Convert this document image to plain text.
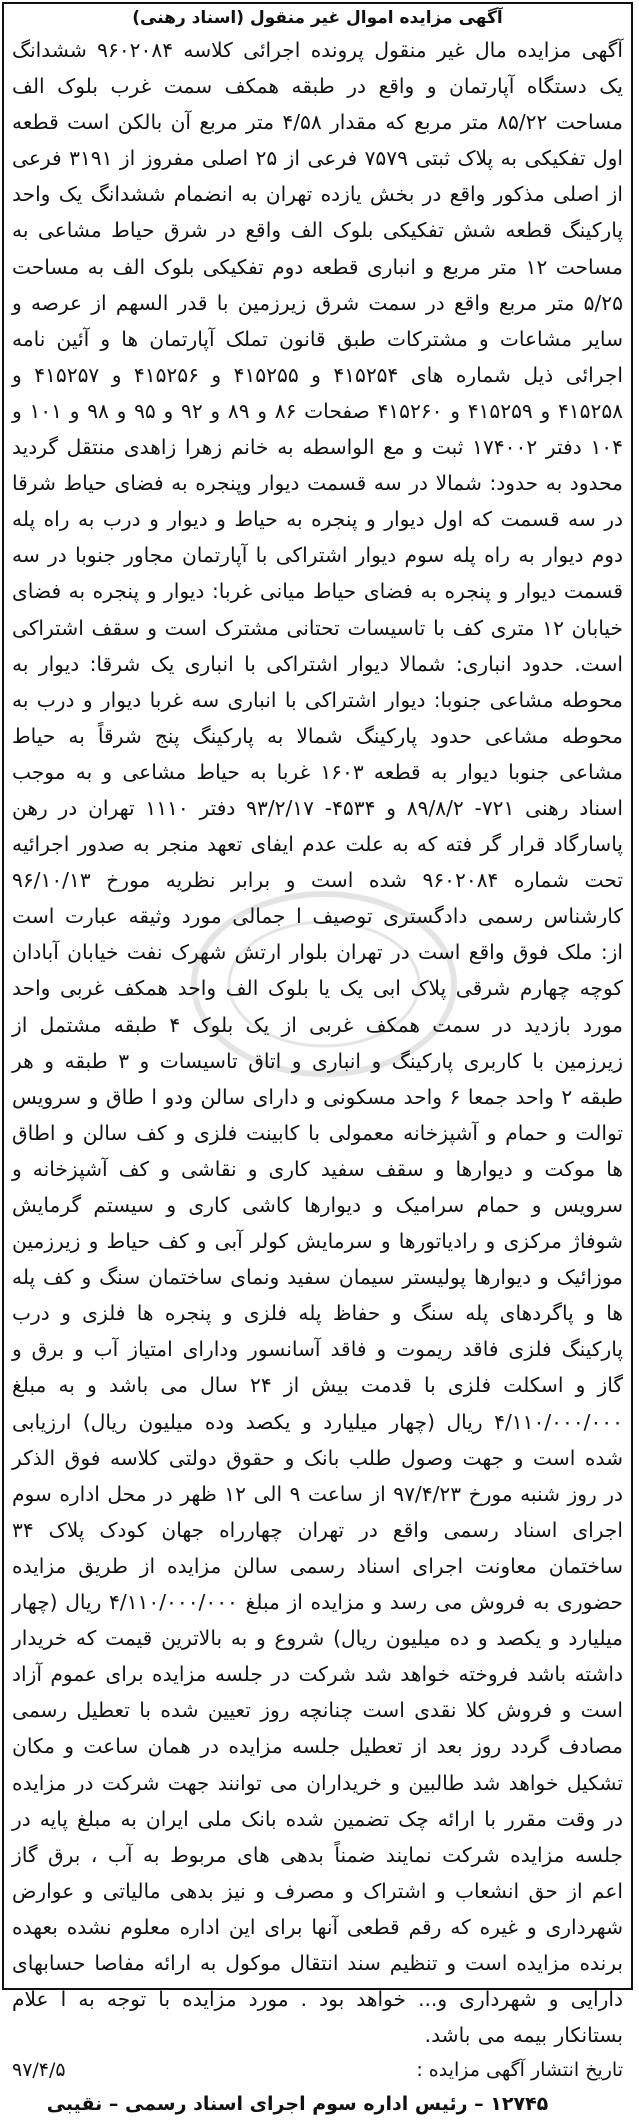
آگهی مزایده اموال غیر منقول (اسناد رهنی)

آگهی مزایده مال غیر منقول پرونده اجرائی کلاسه ۹۶۰۲۰۸۴ ششدانگ یک دستگاه آپارتمان و واقع در طبقه همکف سمت غرب بلوک الف مساحت ۸۵/۲۲ متر مربع که مقدار ۴/۵۸ متر مربع آن بالکن است قطعه اول تفکیکی به پلاک ثبتی ۷۵۷۹ فرعی از ۲۵ اصلی مفروز از ۳۱۹۱ فرعی از اصلی مذکور واقع در بخش یازده تهران به انضمام ششدانگ یک واحد پارکینگ قطعه شش تفکیکی بلوک الف واقع در شرق حیاط مشاعی به مساحت ۱۲ متر مربع و انباری قطعه دوم تفکیکی بلوک الف به مساحت ۵/۲۵ متر مربع واقع در سمت شرق زیرزمین با قدر السهم از عرصه و سایر مشاعات و مشترکات طبق قانون تملک آپارتمان ها و آئین نامه اجرائی ذیل شماره های ۴۱۵۲۵۴ و ۴۱۵۲۵۵ و ۴۱۵۲۵۶ و ۴۱۵۲۵۷ و ۴۱۵۲۵۸ و ۴۱۵۲۵۹ و ۴۱۵۲۶۰ صفحات ۸۶ و ۸۹ و ۹۲ و ۹۵ و ۹۸ و ۱۰۱ و ۱۰۴ دفتر ۱۷۴۰۰۲ ثبت و مع الواسطه به خانم زهرا زاهدی منتقل گردید محدود به حدود: شمالا در سه قسمت دیوار وپنجره به فضای حیاط شرقا در سه قسمت که اول دیوار و پنجره به حیاط و دیوار و درب به راه پله دوم دیوار به راه پله سوم دیوار اشتراکی با آپارتمان مجاور جنوبا در سه قسمت دیوار و پنجره به فضای حیاط میانی غربا: دیوار و پنجره به فضای خیابان ۱۲ متری کف با تاسیسات تحتانی مشترک است و سقف اشتراکی است. حدود انباری: شمالا دیوار اشتراکی با انباری یک شرقا: دیوار به محوطه مشاعی جنوبا: دیوار اشتراکی با انباری سه غربا دیوار و درب به محوطه مشاعی حدود پارکینگ شمالا به پارکینگ پنج شرقاً به حیاط مشاعی جنوبا دیوار به قطعه ۱۶۰۳ غربا به حیاط مشاعی و به موجب اسناد رهنی ۷۲۱- ۸۹/۸/۲ و ۴۵۳۴- ۹۳/۲/۱۷ دفتر ۱۱۱۰ تهران در رهن پاسارگاد قرار گر فته که به علت عدم ایفای تعهد منجر به صدور اجرائیه تحت شماره ۹۶۰۲۰۸۴ شده است و برابر نظریه مورخ ۹۶/۱۰/۱۳ کارشناس رسمی دادگستری توصیف ا جمالی مورد وثیقه عبارت است از: ملک فوق واقع است در تهران بلوار ارتش شهرک نفت خیابان آبادان کوچه چهارم شرقی پلاک ابی یک یا بلوک الف واحد همکف غربی واحد مورد بازدید در سمت همکف غربی از یک بلوک ۴ طبقه مشتمل از زیرزمین با کاربری پارکینگ و انباری و اتاق تاسیسات و ۳ طبقه و هر طبقه ۲ واحد جمعا ۶ واحد مسکونی و دارای سالن ودو ا طاق و سرویس توالت و حمام و آشپزخانه معمولی با کابینت فلزی و کف سالن و اطاق ها موکت و دیوارها و سقف سفید کاری و نقاشی و کف آشپزخانه و سرویس و حمام سرامیک و دیوارها کاشی کاری و سیستم گرمایش شوفاژ مرکزی و رادیاتورها و سرمایش کولر آبی و کف حیاط و زیرزمین موزائیک و دیوارها پولیستر سیمان سفید ونمای ساختمان سنگ و کف پله ها و پاگردهای پله سنگ و حفاظ پله فلزی و پنجره ها فلزی و درب پارکینگ فلزی فاقد ریموت و فاقد آسانسور ودارای امتیاز آب و برق و گاز و اسکلت فلزی با قدمت بیش از ۲۴ سال می باشد و به مبلغ ۴/۱۱۰/۰۰۰/۰۰۰ ریال (چهار میلیارد و یکصد وده میلیون ریال) ارزیابی شده است و جهت وصول طلب بانک و حقوق دولتی کلاسه فوق الذکر در روز شنبه مورخ ۹۷/۴/۲۳ از ساعت ۹ الی ۱۲ ظهر در محل اداره سوم اجرای اسناد رسمی واقع در تهران چهارراه جهان کودک پلاک ۳۴ ساختمان معاونت اجرای اسناد رسمی سالن مزایده از طریق مزایده حضوری به فروش می رسد و مزایده از مبلغ ۴/۱۱۰/۰۰۰/۰۰۰ ریال (چهار میلیارد و یکصد و ده میلیون ریال) شروع و به بالاترین قیمت که خریدار داشته باشد فروخته خواهد شد شرکت در جلسه مزایده برای عموم آزاد است و فروش کلا نقدی است چنانچه روز تعیین شده با تعطیل رسمی مصادف گردد روز بعد از تعطیل جلسه مزایده در همان ساعت و مکان تشکیل خواهد شد طالبین و خریداران می توانند جهت شرکت در مزایده در وقت مقرر با ارائه چک تضمین شده بانک ملی ایران به مبلغ پایه در جلسه مزایده شرکت نمایند ضمناً بدهی های مربوط به آب ، برق گاز اعم از حق انشعاب و اشتراک و مصرف و نیز بدهی مالیاتی و عوارض شهرداری و غیره که رقم قطعی آنها برای این اداره معلوم نشده بعهده برنده مزایده است و تنظیم سند انتقال موکول به ارائه مفاصا حسابهای دارایی و شهرداری و... خواهد بود . مورد مزایده با توجه به ا علام بستانکار بیمه می باشد.

تاریخ انتشار آگهی مزایده :
۹۷/۴/۵
۱۲۷۴۵ – رئیس اداره سوم اجرای اسناد رسمی – نقیبی
